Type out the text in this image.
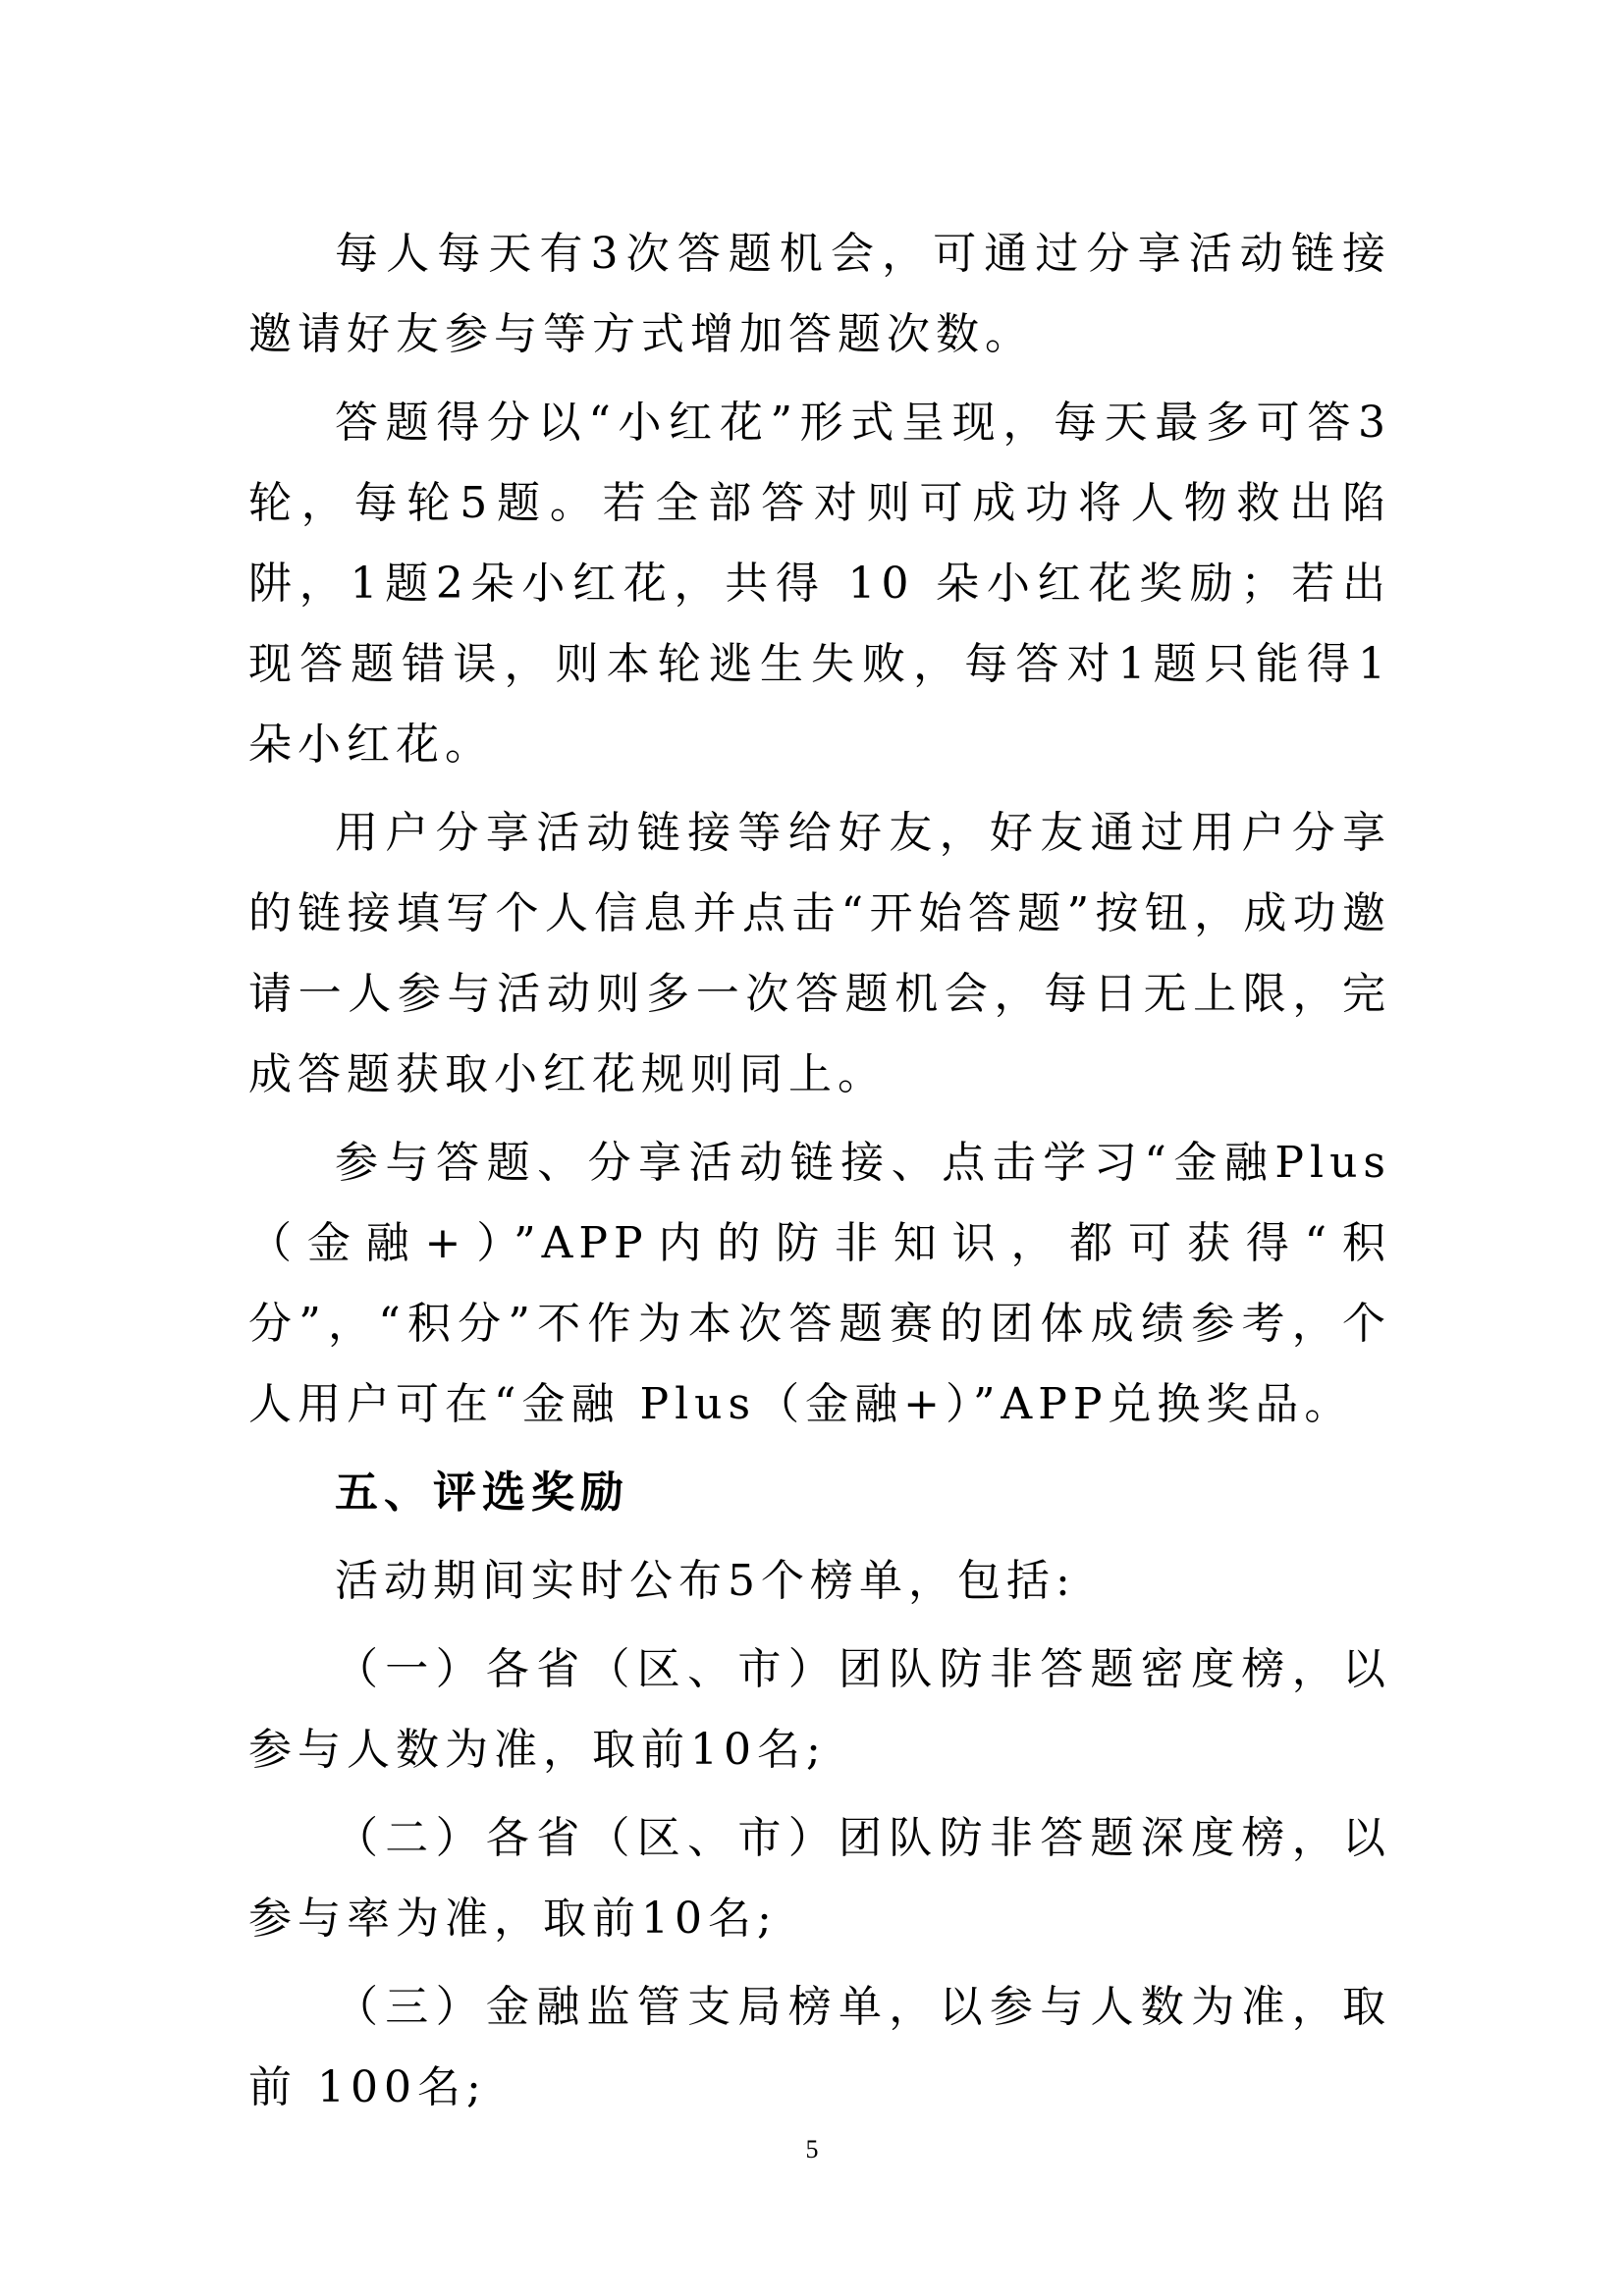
每人每天有3次答题机会，可通过分享活动链接邀请好友参与等方式增加答题次数。

答题得分以“小红花”形式呈现，每天最多可答3轮，每轮5题。若全部答对则可成功将人物救出陷阱，1题2朵小红花，共得 10 朵小红花奖励；若出现答题错误，则本轮逃生失败，每答对1题只能得1朵小红花。

用户分享活动链接等给好友，好友通过用户分享的链接填写个人信息并点击“开始答题”按钮，成功邀请一人参与活动则多一次答题机会，每日无上限，完成答题获取小红花规则同上。

参与答题、分享活动链接、点击学习“金融Plus（金融+）”APP内的防非知识，都可获得“积分”，“积分”不作为本次答题赛的团体成绩参考，个人用户可在“金融 Plus（金融+）”APP兑换奖品。

五、评选奖励

活动期间实时公布5个榜单，包括:

（一）各省（区、市）团队防非答题密度榜，以参与人数为准，取前10名;

（二）各省（区、市）团队防非答题深度榜，以参与率为准，取前10名;

（三）金融监管支局榜单，以参与人数为准，取前 100名;

5
